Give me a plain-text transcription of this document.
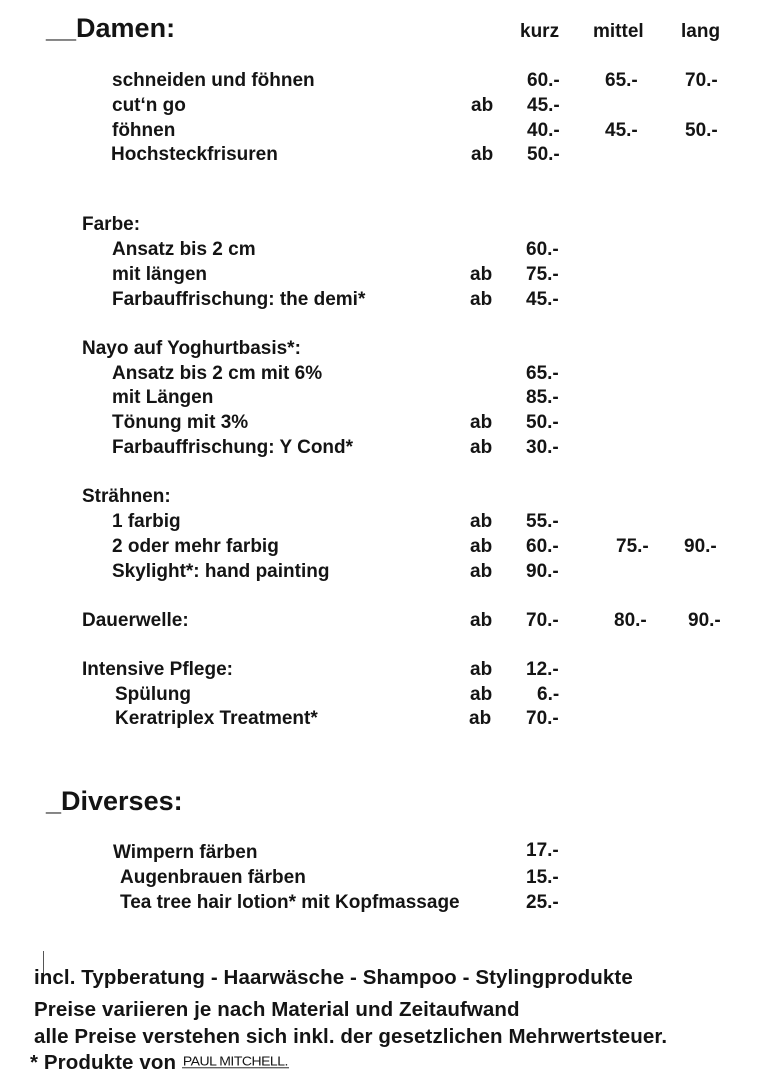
__Damen:	kurz mittel lang
schneiden und föhnen	60.- 65.- 70.-
cut‘n go	ab 45.-
föhnen	40.- 45.- 50.-
Hochsteckfrisuren	ab 50.-
Farbe:
Ansatz bis 2 cm	60.-
mit längen	ab 75.-
Farbauffrischung: the demi*	ab 45.-
Nayo auf Yoghurtbasis*:
Ansatz bis 2 cm mit 6%	65.-
mit Längen	85.-
Tönung mit 3%	ab 50.-
Farbauffrischung: Y Cond*	ab 30.-
Strähnen:
1 farbig	ab 55.-
2 oder mehr farbig	ab 60.-	75.- 90.-
Skylight*: hand painting	ab 90.-
Dauerwelle:	ab 70.-	80.- 90.-
Intensive Pflege:	ab 12.-
Spülung	ab 6.-
Keratriplex Treatment*	ab 70.-
_Diverses:
Wimpern färben	17.-
Augenbrauen färben	15.-
Tea tree hair lotion* mit Kopfmassage	25.-
incl. Typberatung - Haarwäsche - Shampoo - Stylingprodukte
Preise variieren je nach Material und Zeitaufwand
alle Preise verstehen sich inkl. der gesetzlichen Mehrwertsteuer.
* Produkte von PAUL MITCHELL.
